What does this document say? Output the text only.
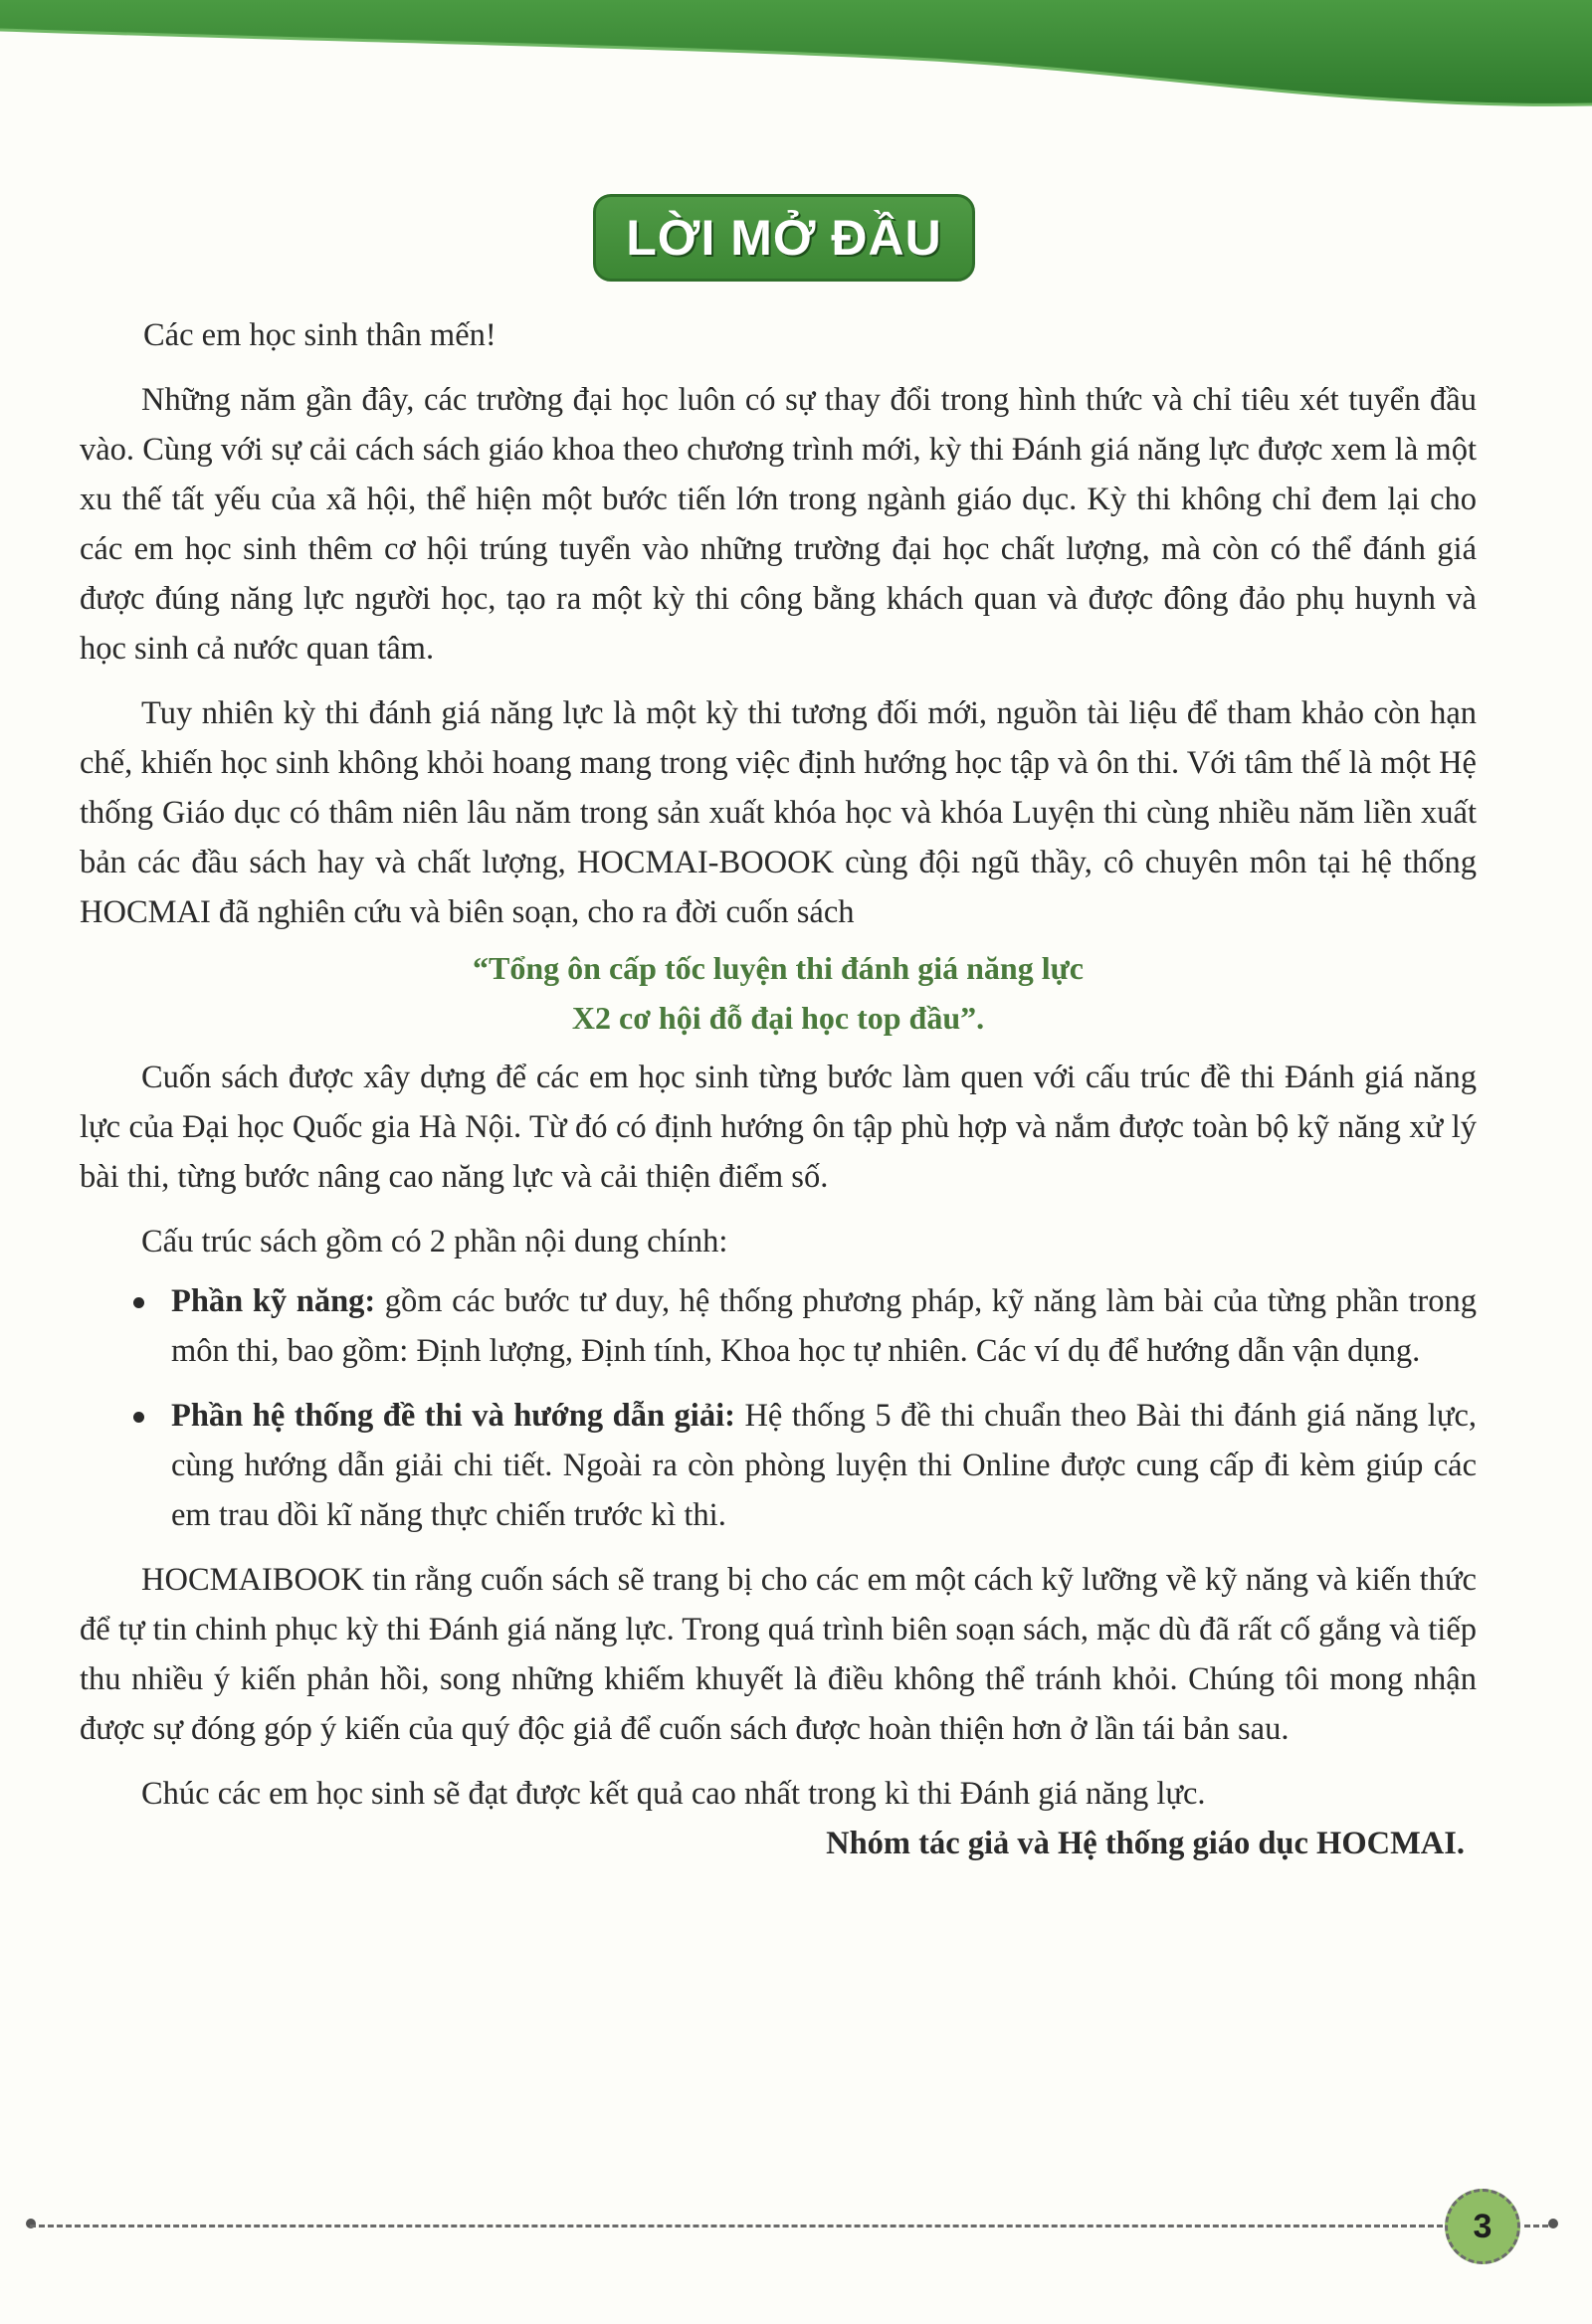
LỜI MỞ ĐẦU

Các em học sinh thân mến!

Những năm gần đây, các trường đại học luôn có sự thay đổi trong hình thức và chỉ tiêu xét tuyển đầu vào. Cùng với sự cải cách sách giáo khoa theo chương trình mới, kỳ thi Đánh giá năng lực được xem là một xu thế tất yếu của xã hội, thể hiện một bước tiến lớn trong ngành giáo dục. Kỳ thi không chỉ đem lại cho các em học sinh thêm cơ hội trúng tuyển vào những trường đại học chất lượng, mà còn có thể đánh giá được đúng năng lực người học, tạo ra một kỳ thi công bằng khách quan và được đông đảo phụ huynh và học sinh cả nước quan tâm.

Tuy nhiên kỳ thi đánh giá năng lực là một kỳ thi tương đối mới, nguồn tài liệu để tham khảo còn hạn chế, khiến học sinh không khỏi hoang mang trong việc định hướng học tập và ôn thi. Với tâm thế là một Hệ thống Giáo dục có thâm niên lâu năm trong sản xuất khóa học và khóa Luyện thi cùng nhiều năm liền xuất bản các đầu sách hay và chất lượng, HOCMAI-BOOOK cùng đội ngũ thầy, cô chuyên môn tại hệ thống HOCMAI đã nghiên cứu và biên soạn, cho ra đời cuốn sách

“Tổng ôn cấp tốc luyện thi đánh giá năng lực

X2 cơ hội đỗ đại học top đầu”.

Cuốn sách được xây dựng để các em học sinh từng bước làm quen với cấu trúc đề thi Đánh giá năng lực của Đại học Quốc gia Hà Nội. Từ đó có định hướng ôn tập phù hợp và nắm được toàn bộ kỹ năng xử lý bài thi, từng bước nâng cao năng lực và cải thiện điểm số.

Cấu trúc sách gồm có 2 phần nội dung chính:

Phần kỹ năng: gồm các bước tư duy, hệ thống phương pháp, kỹ năng làm bài của từng phần trong môn thi, bao gồm: Định lượng, Định tính, Khoa học tự nhiên. Các ví dụ để hướng dẫn vận dụng.
Phần hệ thống đề thi và hướng dẫn giải: Hệ thống 5 đề thi chuẩn theo Bài thi đánh giá năng lực, cùng hướng dẫn giải chi tiết. Ngoài ra còn phòng luyện thi Online được cung cấp đi kèm giúp các em trau dồi kĩ năng thực chiến trước kì thi.

HOCMAIBOOK tin rằng cuốn sách sẽ trang bị cho các em một cách kỹ lưỡng về kỹ năng và kiến thức để tự tin chinh phục kỳ thi Đánh giá năng lực. Trong quá trình biên soạn sách, mặc dù đã rất cố gắng và tiếp thu nhiều ý kiến phản hồi, song những khiếm khuyết là điều không thể tránh khỏi. Chúng tôi mong nhận được sự đóng góp ý kiến của quý độc giả để cuốn sách được hoàn thiện hơn ở lần tái bản sau.

Chúc các em học sinh sẽ đạt được kết quả cao nhất trong kì thi Đánh giá năng lực.

Nhóm tác giả và Hệ thống giáo dục HOCMAI.

3
